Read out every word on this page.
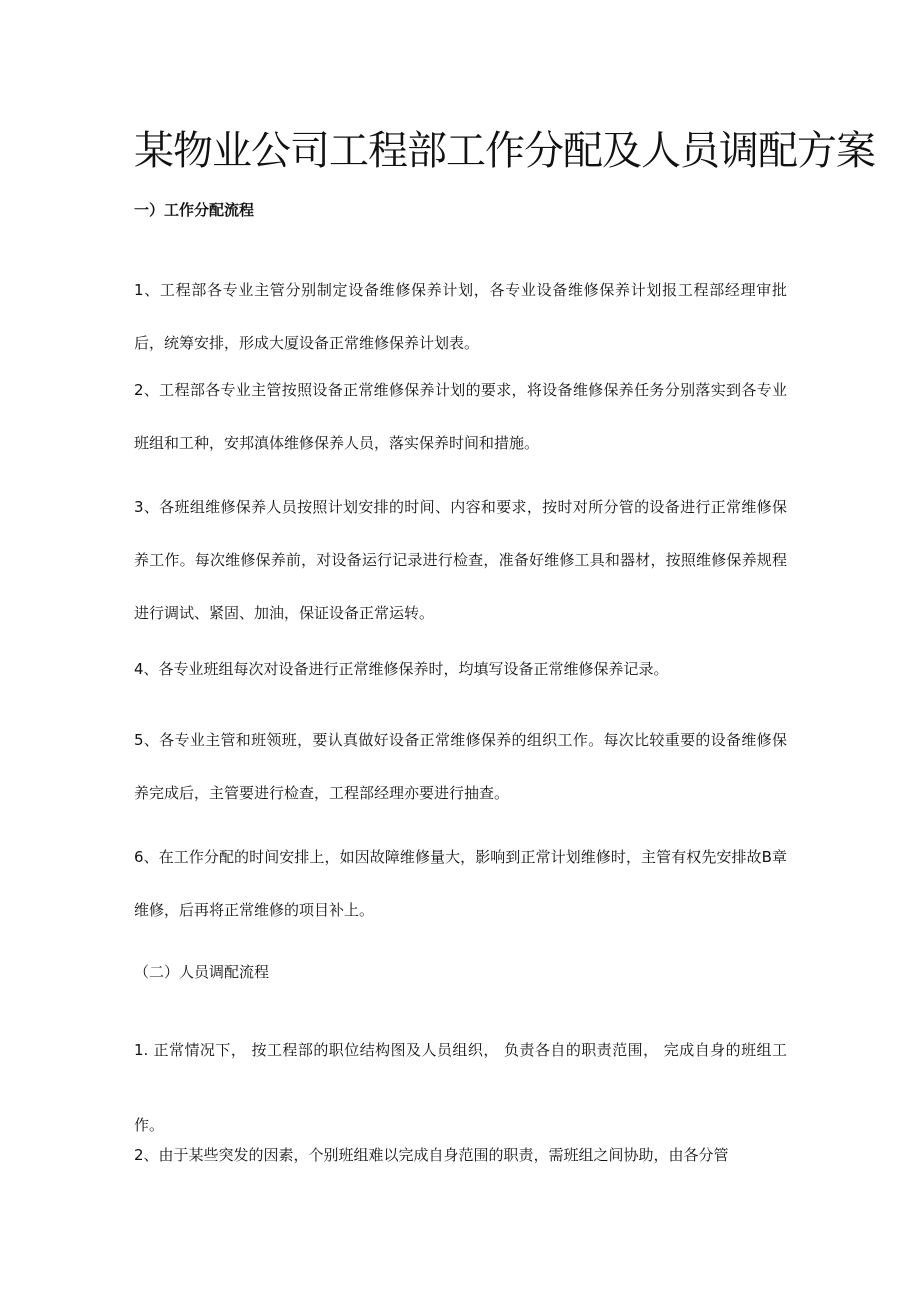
某物业公司工程部工作分配及人员调配方案
一）工作分配流程
1、工程部各专业主管分别制定设备维修保养计划，各专业设备维修保养计划报工程部经理审批后，统筹安排，形成大厦设备正常维修保养计划表。
2、工程部各专业主管按照设备正常维修保养计划的要求，将设备维修保养任务分别落实到各专业班组和工种，安邦滇体维修保养人员，落实保养时间和措施。
3、各班组维修保养人员按照计划安排的时间、内容和要求，按时对所分管的设备进行正常维修保养工作。每次维修保养前，对设备运行记录进行检查，准备好维修工具和器材，按照维修保养规程进行调试、紧固、加油，保证设备正常运转。
4、各专业班组每次对设备进行正常维修保养时，均填写设备正常维修保养记录。
5、各专业主管和班领班，要认真做好设备正常维修保养的组织工作。每次比较重要的设备维修保养完成后，主管要进行检查，工程部经理亦要进行抽查。
6、在工作分配的时间安排上，如因故障维修量大，影响到正常计划维修时，主管有权先安排故B章维修，后再将正常维修的项目补上。
（二）人员调配流程
1. 正常情况下， 按工程部的职位结构图及人员组织， 负责各自的职责范围， 完成自身的班组工作。
2、由于某些突发的因素，个别班组难以完成自身范围的职责，需班组之间协助，由各分管
